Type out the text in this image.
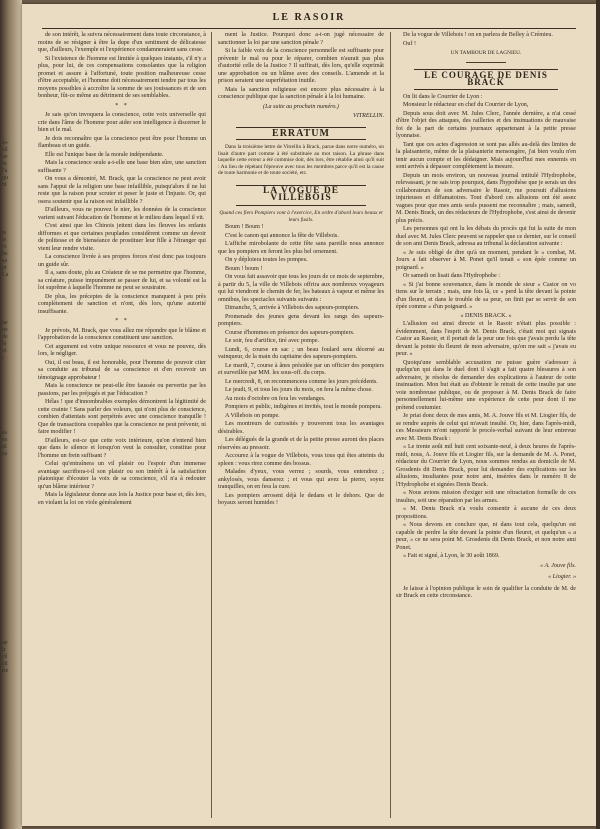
ss-
sil
ne
m
l'a
qu
nt
ie
le
vi
be
sa
pr
La
ne
ne
de
la
vi
t
es
so
ni
sa
né
tr
cé
sit
rie
LE RASOIR

de son intérêt, la suivra nécessairement dans toute circonstance, à moins de se résigner à être la dupe d'un sentiment de délicatesse que, d'ailleurs, l'exemple et l'expérience condamneraient sans cesse.

Si l'existence de l'homme est limitée à quelques instants, s'il n'y a plus, pour lui, de ces compensations consolantes que la religion promet et assure à l'affortuné, toute position malheureuse cesse d'être acceptable, et l'homme doit nécessairement tendre par tous les moyens possibles à accroître la somme de ses jouissances et de son bonheur, fût-ce même au détriment de ses semblables.

* *

Je sais qu'on invoquera la conscience, cette voix universelle qui crie dans l'âme de l'homme pour aider son intelligence à discerner le bien et le mal.

Je dois reconnaître que la conscience peut être pour l'homme un flambeau et un guide.

Elle est l'unique base de la morale indépendante.

Mais la conscience seule a-t-elle une base bien sûre, une sanction suffisante ?

On vous a démontré, M. Brack, que la conscience ne peut avoir sans l'appui de la religion une base infaillible, puisqu'alors il ne lui reste que la raison pour scruter et peser le juste et l'injuste. Or, qui osera soutenir que la raison est infaillible ?

D'ailleurs, vous ne pouvez le nier, les données de la conscience varient suivant l'éducation de l'homme et le milieu dans lequel il vit.

C'est ainsi que les Chinois jettent dans les fleuves les enfants difformes et que certaines peuplades considèrent comme un devoir de politesse et de bienséance de prostituer leur fille à l'étranger qui vient leur rendre visite.

La conscience livrée à ses propres forces n'est donc pas toujours un guide sûr.

Il a, sans doute, plu au Créateur de se me permettre que l'homme, sa créature, puisse impunément se passer de lui, et sa volonté est la loi suprême à laquelle l'homme ne peut se soustraire.

De plus, les préceptes de la conscience manquent à peu près complètement de sanction et n'ont, dès lors, qu'une autorité insuffisante.

* *

Je prévois, M. Brack, que vous allez me répondre que le blâme et l'approbation de la conscience constituent une sanction.

Cet argument est votre unique ressource et vous ne pouvez, dès lors, le négliger.

Oui, il est beau, il est honorable, pour l'homme de pouvoir citer sa conduite au tribunal de sa conscience et d'en recevoir un témoignage approbateur !

Mais la conscience ne peut-elle être faussée ou pervertie par les passions, par les préjugés et par l'éducation ?

Hélas ! que d'innombrables exemples démontrent la légitimité de cette crainte ! Sans parler des voleurs, qui n'ont plus de conscience, combien d'attentats sont perpétrés avec une conscience tranquille ! Que de transactions coupables que la conscience ne peut prévenir, ni faire modifier !

D'ailleurs, est-ce que cette voix intérieure, qu'on n'entend bien que dans le silence et lorsqu'on veut la consulter, constitue pour l'homme un frein suffisant ?

Celui qu'entraînera un vil plaisir ou l'espoir d'un immense avantage sacrifiera-t-il son plaisir ou son intérêt à la satisfaction platonique d'écouter la voix de sa conscience, s'il n'a à redouter qu'un blâme intérieur ?

Mais la législateur donne aux lois la Justice pour base et, dès lors, en violant la loi on viole généralement

ment la Justice. Pourquoi donc a-t-on jugé nécessaire de sanctionner la loi par une sanction pénale ?

Si la faible voix de la conscience personnelle est suffisante pour prévenir le mal ou pour le réparer, combien n'aurait pas plus d'autorité celle de la Justice ? Il suffirait, dès lors, qu'elle exprimât une approbation ou un blâme avec des conseils. L'amende et la prison seraient une superfétation inutile.

Mais la sanction religieuse est encore plus nécessaire à la conscience publique que la sanction pénale à la loi humaine.

(La suite au prochain numéro.)
VITRELLIN.
ERRATUM

Dans la troisième lettre de Vitrellin à Brack, parue dans notre numéro, on lisait d'autre part comme à été substituée au mot raison. La phrase dans laquelle cette erreur a été commise doit, dès lors, être rétablie ainsi qu'il suit : Au lieu de répétant l'épreuve avec tous les membres parce qu'il est la cause de toute harmonie et de toute société, etc.

LA VOGUE DE VILLEBOIS

Quand ces fiers Pompiers vont à l'exercice, En ordre d'abord leurs beaux et leurs fusils.

Boum ! Boum !

C'est le canon qui annonce la fête de Villebois.

L'affiche mirobolante de cette fête sans pareille nous annonce que les pompiers en feront les plus bel ornement.

On y déploiera toutes les pompes.

Boum ! boum !

On vous fait assavoir que tous les jours de ce mois de septembre, à partir du 5, la ville de Villebois offrira aux nombreux voyageurs qui lui viendront le chemin de fer, les bateaux à vapeur et même les omnibus, les spectacles suivants suivants :

Dimanche, 5, arrivée à Villebois des sapeurs-pompiers.

Promenade des jeunes gens devant les rangs des sapeurs-pompiers.

Course d'hommes en présence des sapeurs-pompiers.

Le soir, feu d'artifice, tiré avec pompe.

Lundi, 6, course en sac ; un beau foulard sera décerné au vainqueur, de la main du capitaine des sapeurs-pompiers.

Le mardi, 7, course à ânes présidée par un officier des pompiers et surveillée par MM. les sous-off. du corps.

Le mercredi, 8, on recommencera comme les jours précédents.

Le jeudi, 9, et tous les jours du mois, on fera la même chose.

Au mois d'octobre on fera les vendanges.

Pompiers et public, indigènes et invités, tout le monde pompera.

A Villebois on pompe.

Les montreurs de curiosités y trouveront tous les avantages désirables.

Les délégués de la grande et de la petite presse auront des places réservées au pressoir.

Accourez à la vogue de Villebois, vous tous qui êtes atteints du spleen : vous rirez comme des bossus.

Malades d'yeux, vous verrez ; sourds, vous entendrez ; ankylosés, vous danserez ; et vous qui avez la pierre, soyez tranquilles, on en fera la cure.

Les pompiers arrosent déjà le dedans et le dehors. Que de boyaux seront humides !

De la vogue de Villebois ! on en parlera de Belley à Crémieu.

Ouf !

UN TAMBOUR DE LAGNIEU.
LE COURAGE DE DENIS BRACK

On lit dans le Courrier de Lyon :

Monsieur le rédacteur en chef du Courrier de Lyon,

Depuis sous doit avec M. Jules Clerc, l'année dernière, a n'ai cessé d'être l'objet des attaques, des railleries et des insinuations de mauvaise foi de la part de certains journaux appartenant à la petite presse lyonnaise.

Tant que ces actes d'agression se sont pas allés au-delà des limites de la plaisanterie, même de la plaisanterie mensongère, j'ai bien voulu n'en tenir aucun compte et les dédaigner. Mais aujourd'hui mes ennemis en sont arrivés à dépasser complètement la mesure.

Depuis un mois environ, un nouveau journal intitulé l'Hydrophobe, relevassant, je ne sais trop pourquoi, dans l'hypothèse que je serais un des collaborateurs de son adversaire le Rasoir, me poursuit d'allusions injurieuses et diffamatoires. Tout d'abord ces allusions ont été assez vagues pour que mes amis seuls pussent me reconnaître ; mais, samedi, M. Denis Brack, un des rédacteurs de l'Hydrophobe, s'est ainsi de devenir plus précis.

Les personnes qui ont lu les débats du procès qui fut la suite de mon duel avec M. Jules Clerc peuvent se rappeler que ce dernier, sur le conseil de son ami Denis Brack, adressa au tribunal la déclaration suivante :

« Je suis obligé de dire qu'à un moment, pendant le « combat, M. Jourx a fait observer à M. Ponet qu'il tenait « son épée comme un poignard. »

Or samedi on lisait dans l'Hydrophobe :

« Si j'ai bonne souvenance, dans le monde de sieur « Castor on vo tiens sur le terrain ; mais, une fois là, ce « perd la tête devant la pointe d'un fleuret, et dans le trouble de sa peur, on finit par se servir de son épée comme « d'un poignard. »

« DENIS BRACK. »

L'allusion est ainsi directe et le Rasoir n'était plus possible : évidemment, dans l'esprit de M. Denis Brack, c'était moi qui signais Castor au Rasoir, et il portait de la peur une fois que j'avais perdu la tête devant la pointe du fleuret de mon adversaire, qu'on me sait « j'avais eu peur. »

Quoiqu'une semblable accusation ne puisse guère s'adresser à quelqu'un qui dans le duel dont il s'agit a fait quatre blessures à son adversaire, je résolus de demander des explications à l'auteur de cette insinuation. Mon but était au d'obtenir le retrait de cette insulte par une voie nombreuse publique, ou de proposer à M. Denis Brack de faire personnellement lui-même une expérience de cette peur dont il me prétend coutumier.

Je priai donc deux de mes amis, M. A. Jouve fils et M. Liogier fils, de se rendre auprès de celui qui m'avait insulté. Or, hier, dans l'après-midi, ces Messieurs m'ont rapporté le procès-verbal suivant de leur entrevue avec M. Denis Brack :

« Le trente août mil huit cent soixante-neuf, à deux heures de l'après-midi, nous, A. Jouve fils et Liogier fils, sur la demande de M. A. Ponet, rédacteur du Courrier de Lyon, nous sommes rendus au domicile de M. Grosdenis dit Denis Brack, pour lui demander des explications sur les allusions, insultantes pour notre ami, insérées dans le numéro 8 de l'Hydrophobe et signées Denis Brack.

« Nous avions mission d'exiger soit une rétractation formelle de ces insultes, soit une réparation par les armes.

« M. Denis Brack n'a voulu consentir à aucune de ces deux propositions.

« Nous devons en conclure que, ni dans tout cela, quelqu'un est capable de perdre la tête devant la pointe d'un fleuret, et quelqu'un « a peur, » ce ne sera point M. Grosdenis dit Denis Brack, et non notre ami Ponet.

« Fait et signé, à Lyon, le 30 août 1869.

« A. Jouve fils.
« Liogier. »

Je laisse à l'opinion publique le soin de qualifier la conduite de M. de sir Brack en cette circonstance.
